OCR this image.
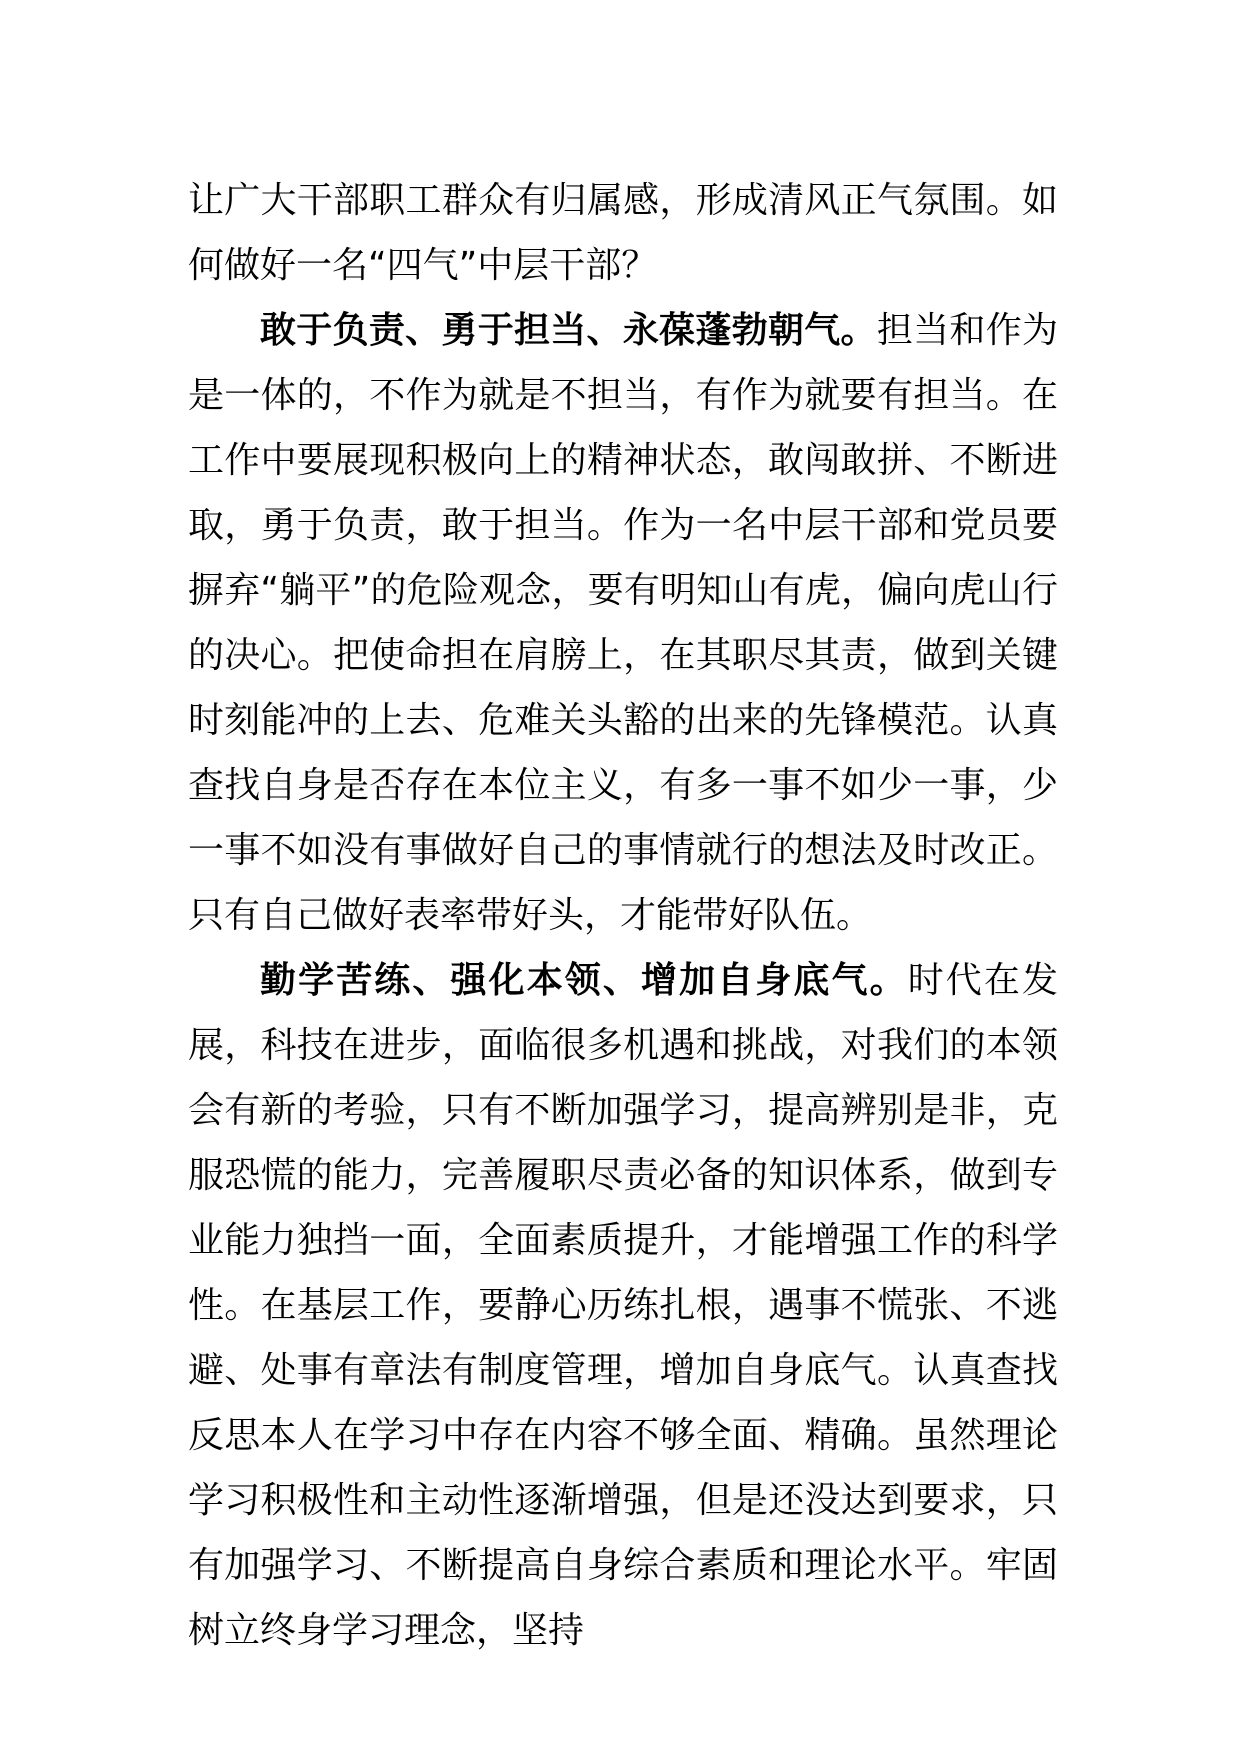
让广大干部职工群众有归属感，形成清风正气氛围。如何做好一名“四气”中层干部？

敢于负责、勇于担当、永葆蓬勃朝气。担当和作为是一体的，不作为就是不担当，有作为就要有担当。在工作中要展现积极向上的精神状态，敢闯敢拼、不断进取，勇于负责，敢于担当。作为一名中层干部和党员要摒弃“躺平”的危险观念，要有明知山有虎，偏向虎山行的决心。把使命担在肩膀上，在其职尽其责，做到关键时刻能冲的上去、危难关头豁的出来的先锋模范。认真查找自身是否存在本位主义，有多一事不如少一事，少一事不如没有事做好自己的事情就行的想法及时改正。只有自己做好表率带好头，才能带好队伍。

勤学苦练、强化本领、增加自身底气。时代在发展，科技在进步，面临很多机遇和挑战，对我们的本领会有新的考验，只有不断加强学习，提高辨别是非，克服恐慌的能力，完善履职尽责必备的知识体系，做到专业能力独挡一面，全面素质提升，才能增强工作的科学性。在基层工作，要静心历练扎根，遇事不慌张、不逃避、处事有章法有制度管理，增加自身底气。认真查找反思本人在学习中存在内容不够全面、精确。虽然理论学习积极性和主动性逐渐增强，但是还没达到要求，只有加强学习、不断提高自身综合素质和理论水平。牢固树立终身学习理念，坚持
